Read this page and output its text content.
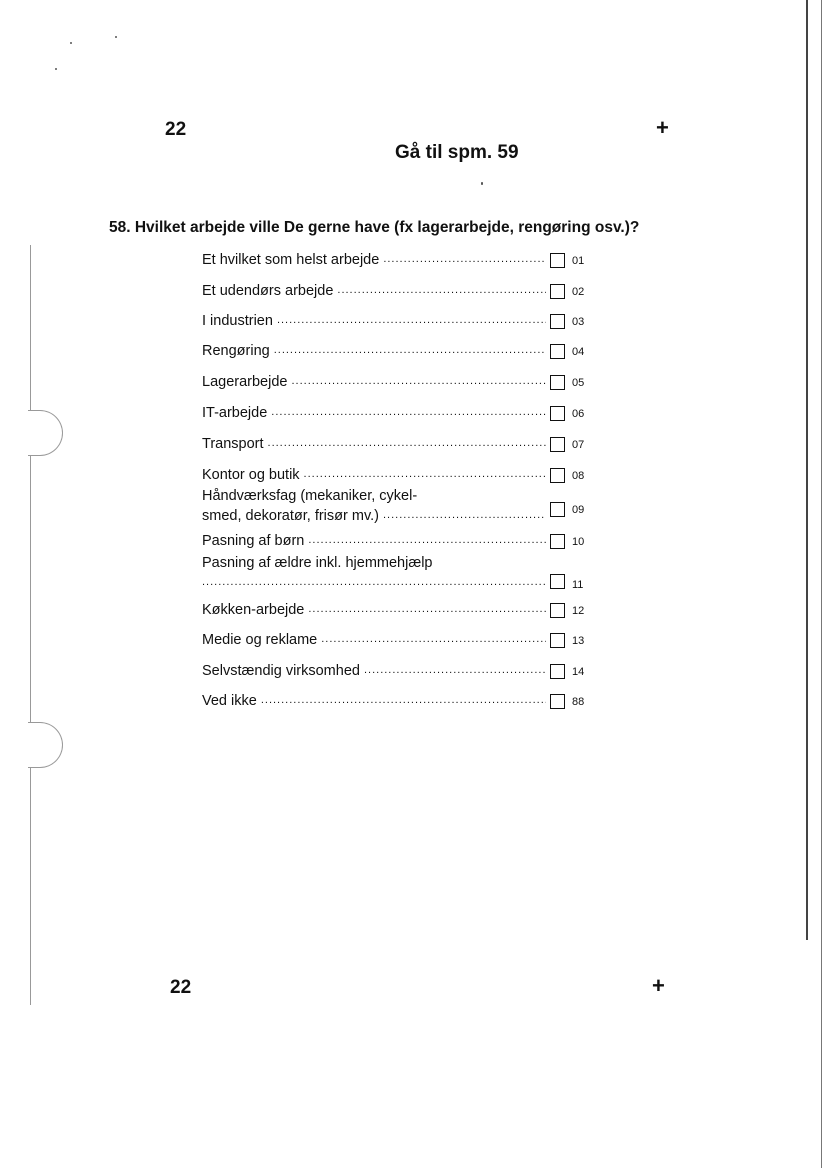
22	+
Gå til spm. 59
58. Hvilket arbejde ville De gerne have (fx lagerarbejde, rengøring osv.)?
Et hvilket som helst arbejde .....	01
Et udendørs arbejde .....	02
I industrien .....	03
Rengøring .....	04
Lagerarbejde .....	05
IT-arbejde .....	06
Transport .....	07
Kontor og butik .....	08
Håndværksfag (mekaniker, cykel-
smed, dekoratør, frisør mv.) .....	09
Pasning af børn .....	10
Pasning af ældre inkl. hjemmehjælp
.....
11
Køkken-arbejde .....	12
Medie og reklame .....	13
Selvstændig virksomhed .....	14
Ved ikke .....	88
22	+
